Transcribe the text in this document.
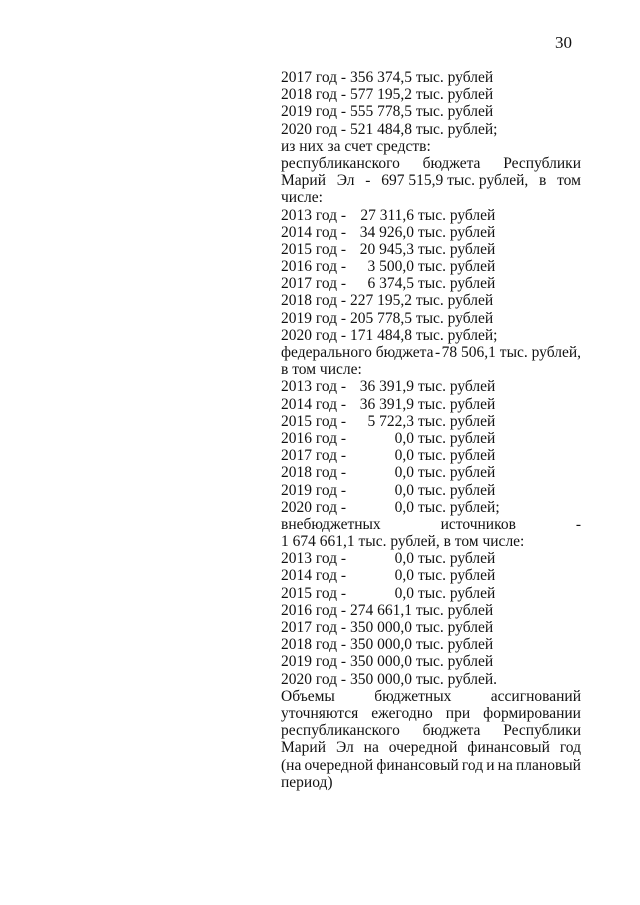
30
2017 год - 356 374,5 тыс. рублей
2018 год - 577 195,2 тыс. рублей
2019 год - 555 778,5 тыс. рублей
2020 год - 521 484,8 тыс. рублей;
из них за счет средств:
республиканского бюджета Республики
Марий Эл - 697 515,9 тыс. рублей, в том
числе:
2013 год - 27 311,6 тыс. рублей
2014 год - 34 926,0 тыс. рублей
2015 год - 20 945,3 тыс. рублей
2016 год -	3 500,0 тыс. рублей
2017 год -	6 374,5 тыс. рублей
2018 год - 227 195,2 тыс. рублей
2019 год - 205 778,5 тыс. рублей
2020 год - 171 484,8 тыс. рублей;
федерального бюджета - 78 506,1 тыс. рублей,
в том числе:
2013 год - 36 391,9 тыс. рублей
2014 год - 36 391,9 тыс. рублей
2015 год -	5 722,3 тыс. рублей
2016 год -	0,0 тыс. рублей
2017 год -	0,0 тыс. рублей
2018 год -	0,0 тыс. рублей
2019 год -	0,0 тыс. рублей
2020 год -	0,0 тыс. рублей;
внебюджетных	источников	-
1 674 661,1 тыс. рублей, в том числе:
2013 год -	0,0 тыс. рублей
2014 год -	0,0 тыс. рублей
2015 год -	0,0 тыс. рублей
2016 год - 274 661,1 тыс. рублей
2017 год - 350 000,0 тыс. рублей
2018 год - 350 000,0 тыс. рублей
2019 год - 350 000,0 тыс. рублей
2020 год - 350 000,0 тыс. рублей.
Объемы	бюджетных	ассигнований
уточняются ежегодно при формировании
республиканского бюджета Республики
Марий Эл на очередной финансовый год
(на очередной финансовый год и на плановый
период)
